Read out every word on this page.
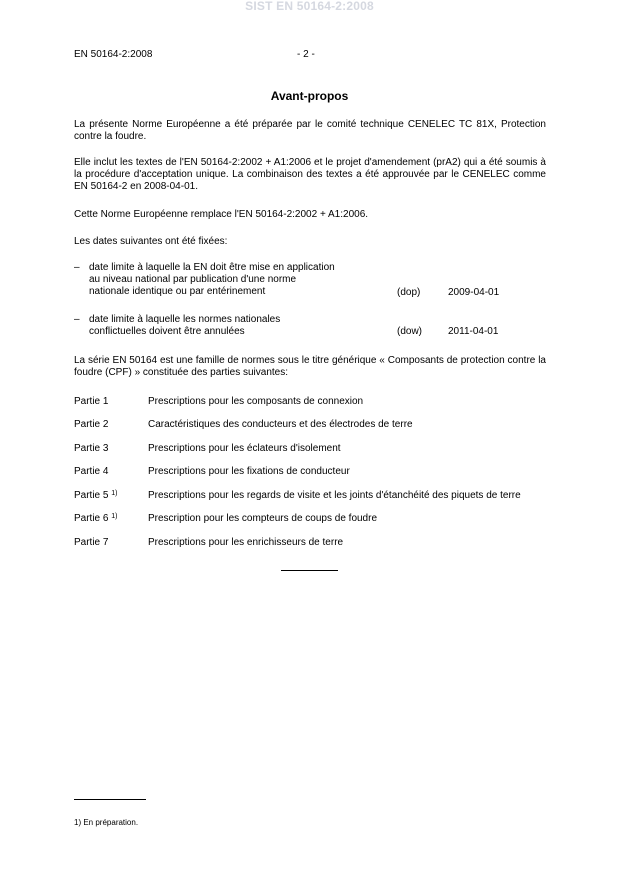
SIST EN 50164-2:2008
EN 50164-2:2008	- 2 -
Avant-propos
La présente Norme Européenne a été préparée par le comité technique CENELEC TC 81X, Protection contre la foudre.
Elle inclut les textes de l'EN 50164-2:2002 + A1:2006 et le projet d'amendement (prA2) qui a été soumis à la procédure d'acceptation unique. La combinaison des textes a été approuvée par le CENELEC comme EN 50164-2 en 2008-04-01.
Cette Norme Européenne remplace l'EN 50164-2:2002 + A1:2006.
Les dates suivantes ont été fixées:
– date limite à laquelle la EN doit être mise en application
au niveau national par publication d'une norme
nationale identique ou par entérinement	(dop)	2009-04-01
– date limite à laquelle les normes nationales
conflictuelles doivent être annulées	(dow)	2011-04-01
La série EN 50164 est une famille de normes sous le titre générique « Composants de protection contre la foudre (CPF) » constituée des parties suivantes:
Partie 1	Prescriptions pour les composants de connexion
Partie 2	Caractéristiques des conducteurs et des électrodes de terre
Partie 3	Prescriptions pour les éclateurs d'isolement
Partie 4	Prescriptions pour les fixations de conducteur
Partie 5 $^{1)}$	Prescriptions pour les regards de visite et les joints d'étanchéité des piquets de terre
Partie 6 $^{1)}$	Prescription pour les compteurs de coups de foudre
Partie 7	Prescriptions pour les enrichisseurs de terre
1) En préparation.
